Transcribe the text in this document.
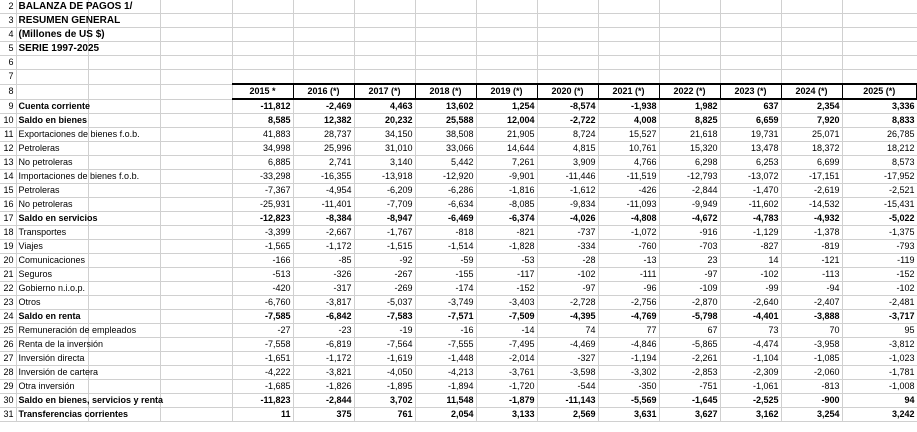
2	BALANZA DE PAGOS 1/													
3	RESUMEN GENERAL													
4	(Millones de US $)													
5	SERIE 1997-2025													
6														
7														
8				2015 *	2016 (*)	2017 (*)	2018 (*)	2019 (*)	2020 (*)	2021 (*)	2022 (*)	2023 (*)	2024 (*)	2025 (*)
9	Cuenta corriente			-11,812	-2,469	4,463	13,602	1,254	-8,574	-1,938	1,982	637	2,354	3,336
10	Saldo en bienes			8,585	12,382	20,232	25,588	12,004	-2,722	4,008	8,825	6,659	7,920	8,833
11	Exportaciones de bienes f.o.b.			41,883	28,737	34,150	38,508	21,905	8,724	15,527	21,618	19,731	25,071	26,785
12	Petroleras			34,998	25,996	31,010	33,066	14,644	4,815	10,761	15,320	13,478	18,372	18,212
13	No petroleras			6,885	2,741	3,140	5,442	7,261	3,909	4,766	6,298	6,253	6,699	8,573
14	Importaciones de bienes f.o.b.			-33,298	-16,355	-13,918	-12,920	-9,901	-11,446	-11,519	-12,793	-13,072	-17,151	-17,952
15	Petroleras			-7,367	-4,954	-6,209	-6,286	-1,816	-1,612	-426	-2,844	-1,470	-2,619	-2,521
16	No petroleras			-25,931	-11,401	-7,709	-6,634	-8,085	-9,834	-11,093	-9,949	-11,602	-14,532	-15,431
17	Saldo en servicios			-12,823	-8,384	-8,947	-6,469	-6,374	-4,026	-4,808	-4,672	-4,783	-4,932	-5,022
18	Transportes			-3,399	-2,667	-1,767	-818	-821	-737	-1,072	-916	-1,129	-1,378	-1,375
19	Viajes			-1,565	-1,172	-1,515	-1,514	-1,828	-334	-760	-703	-827	-819	-793
20	Comunicaciones			-166	-85	-92	-59	-53	-28	-13	23	14	-121	-119
21	Seguros			-513	-326	-267	-155	-117	-102	-111	-97	-102	-113	-152
22	Gobierno n.i.o.p.			-420	-317	-269	-174	-152	-97	-96	-109	-99	-94	-102
23	Otros			-6,760	-3,817	-5,037	-3,749	-3,403	-2,728	-2,756	-2,870	-2,640	-2,407	-2,481
24	Saldo en renta			-7,585	-6,842	-7,583	-7,571	-7,509	-4,395	-4,769	-5,798	-4,401	-3,888	-3,717
25	Remuneración de empleados			-27	-23	-19	-16	-14	74	77	67	73	70	95
26	Renta de la inversión			-7,558	-6,819	-7,564	-7,555	-7,495	-4,469	-4,846	-5,865	-4,474	-3,958	-3,812
27	Inversión directa			-1,651	-1,172	-1,619	-1,448	-2,014	-327	-1,194	-2,261	-1,104	-1,085	-1,023
28	Inversión de cartera			-4,222	-3,821	-4,050	-4,213	-3,761	-3,598	-3,302	-2,853	-2,309	-2,060	-1,781
29	Otra inversión			-1,685	-1,826	-1,895	-1,894	-1,720	-544	-350	-751	-1,061	-813	-1,008
30	Saldo en bienes, servicios y renta			-11,823	-2,844	3,702	11,548	-1,879	-11,143	-5,569	-1,645	-2,525	-900	94
31	Transferencias corrientes			11	375	761	2,054	3,133	2,569	3,631	3,627	3,162	3,254	3,242
